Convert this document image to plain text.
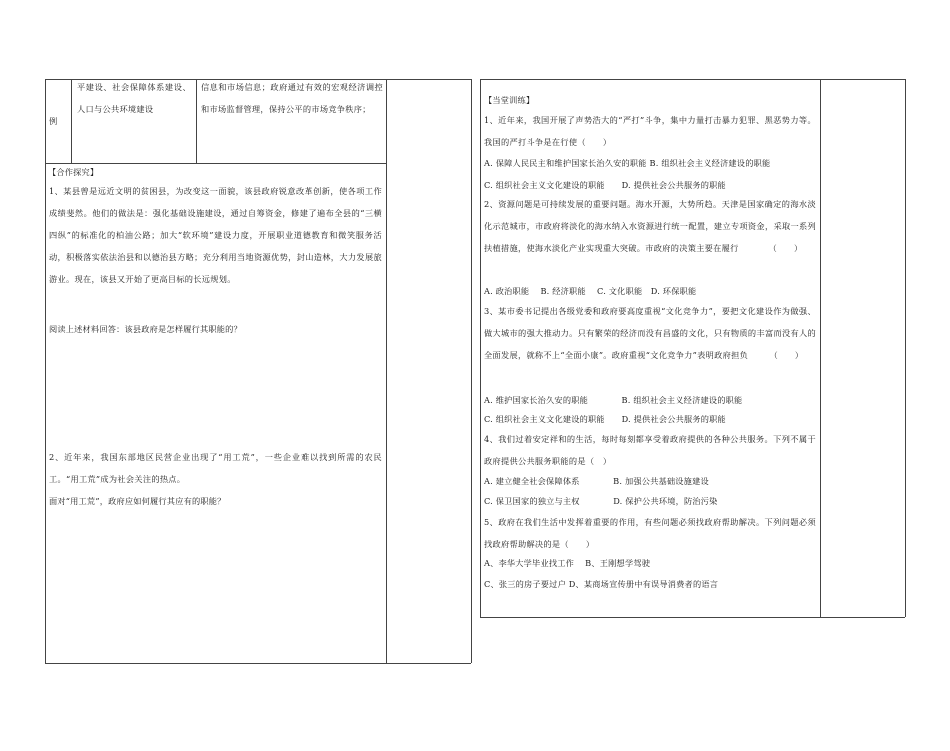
例
平建设、社会保障体系建设、人口与公共环境建设
信息和市场信息；政府通过有效的宏观经济调控和市场监督管理，保持公平的市场竞争秩序；
【合作探究】
1、某县曾是远近文明的贫困县，为改变这一面貌，该县政府锐意改革创新，使各项工作成绩斐然。他们的做法是：强化基础设施建设，通过自筹资金，修建了遍布全县的“三横四纵”的标准化的柏油公路；加大“软环境”建设力度，开展职业道德教育和微笑服务活动，积极落实依法治县和以德治县方略；充分利用当地资源优势，封山造林，大力发展旅游业。现在，该县又开始了更高目标的长远规划。
阅读上述材料回答：该县政府是怎样履行其职能的？
2、近年来，我国东部地区民营企业出现了“用工荒”，一些企业难以找到所需的农民工。“用工荒”成为社会关注的热点。
面对“用工荒”，政府应如何履行其应有的职能？
【当堂训练】
1、近年来，我国开展了声势浩大的“严打”斗争，集中力量打击暴力犯罪、黑恶势力等。我国的严打斗争是在行使（　　）
A. 保障人民民主和维护国家长治久安的职能 B. 组织社会主义经济建设的职能
C. 组织社会主义文化建设的职能　　D. 提供社会公共服务的职能
2、资源问题是可持续发展的重要问题。海水开源，大势所趋。天津是国家确定的海水淡化示范城市，市政府将淡化的海水纳入水资源进行统一配置，建立专项资金，采取一系列扶植措施，使海水淡化产业实现重大突破。市政府的决策主要在履行　　　　（　　）
A. 政治职能　 B. 经济职能　 C. 文化职能　D. 环保职能
3、某市委书记提出各级党委和政府要高度重视“文化竞争力”，要把文化建设作为做强、做大城市的强大推动力。只有繁荣的经济而没有昌盛的文化，只有物质的丰富而没有人的全面发展，就称不上“全面小康”。政府重视“文化竞争力”表明政府担负　　　（　　）
A. 维护国家长治久安的职能　　　　B. 组织社会主义经济建设的职能
C. 组织社会主义文化建设的职能　　D. 提供社会公共服务的职能
4、我们过着安定祥和的生活，每时每刻都享受着政府提供的各种公共服务。下列不属于政府提供公共服务职能的是（　）
A. 建立健全社会保障体系　　　　B. 加强公共基础设施建设
C. 保卫国家的独立与主权　　　　D. 保护公共环境，防治污染
5、政府在我们生活中发挥着重要的作用，有些问题必须找政府帮助解决。下列问题必须找政府帮助解决的是（　　）
A、李华大学毕业找工作　 B、王刚想学驾驶
C、张三的房子要过户 D、某商场宣传册中有误导消费者的语言
